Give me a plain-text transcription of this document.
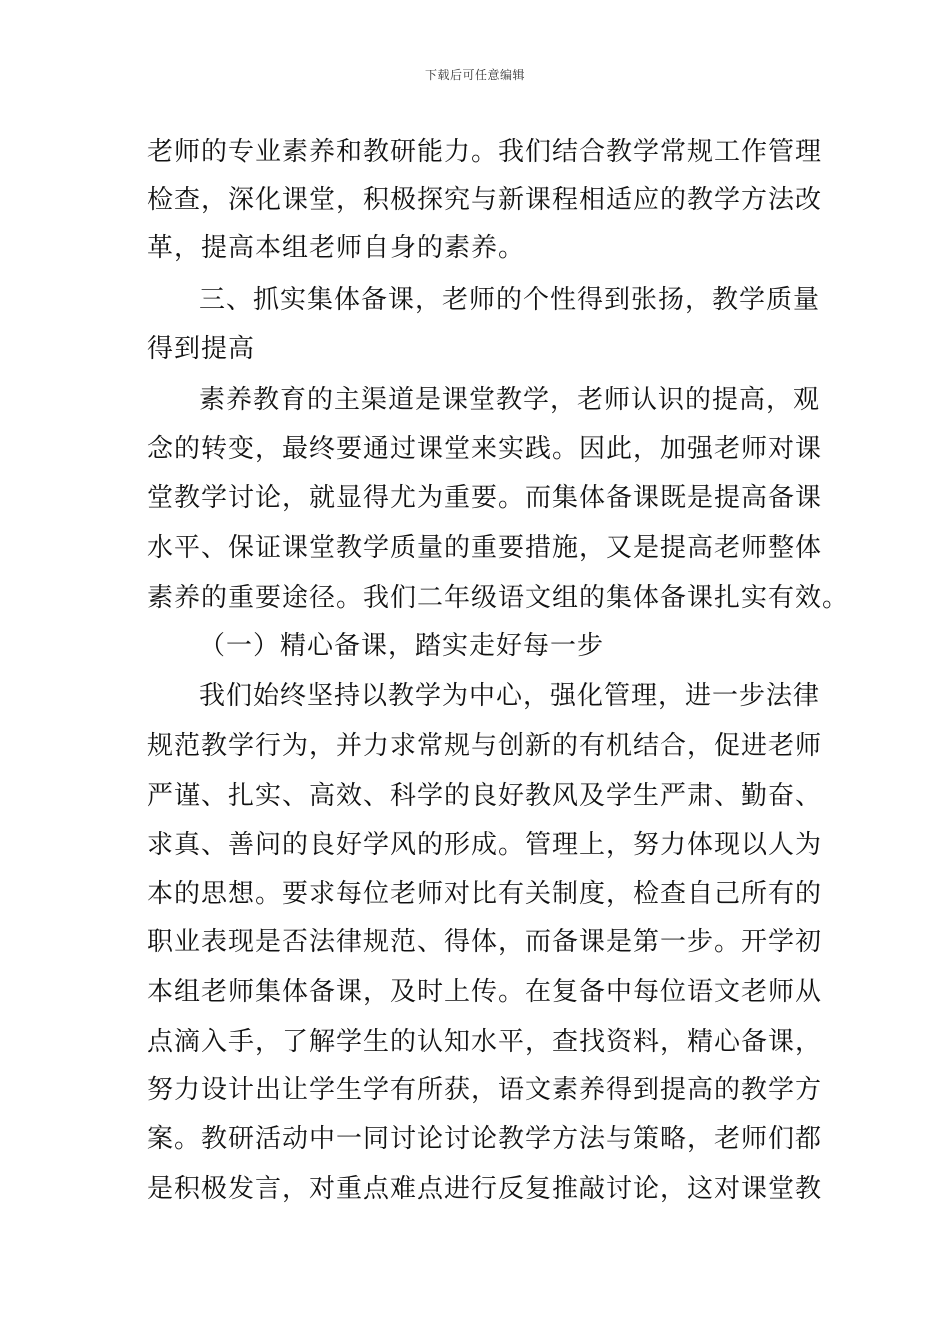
下载后可任意编辑
老师的专业素养和教研能力。我们结合教学常规工作管理
检查，深化课堂，积极探究与新课程相适应的教学方法改
革，提高本组老师自身的素养。
三、抓实集体备课，老师的个性得到张扬，教学质量
得到提高
素养教育的主渠道是课堂教学，老师认识的提高，观
念的转变，最终要通过课堂来实践。因此，加强老师对课
堂教学讨论，就显得尤为重要。而集体备课既是提高备课
水平、保证课堂教学质量的重要措施，又是提高老师整体
素养的重要途径。我们二年级语文组的集体备课扎实有效。
（一）精心备课，踏实走好每一步
我们始终坚持以教学为中心，强化管理，进一步法律
规范教学行为，并力求常规与创新的有机结合，促进老师
严谨、扎实、高效、科学的良好教风及学生严肃、勤奋、
求真、善问的良好学风的形成。管理上，努力体现以人为
本的思想。要求每位老师对比有关制度，检查自己所有的
职业表现是否法律规范、得体，而备课是第一步。开学初
本组老师集体备课，及时上传。在复备中每位语文老师从
点滴入手，了解学生的认知水平，查找资料，精心备课，
努力设计出让学生学有所获，语文素养得到提高的教学方
案。教研活动中一同讨论讨论教学方法与策略，老师们都
是积极发言，对重点难点进行反复推敲讨论，这对课堂教
